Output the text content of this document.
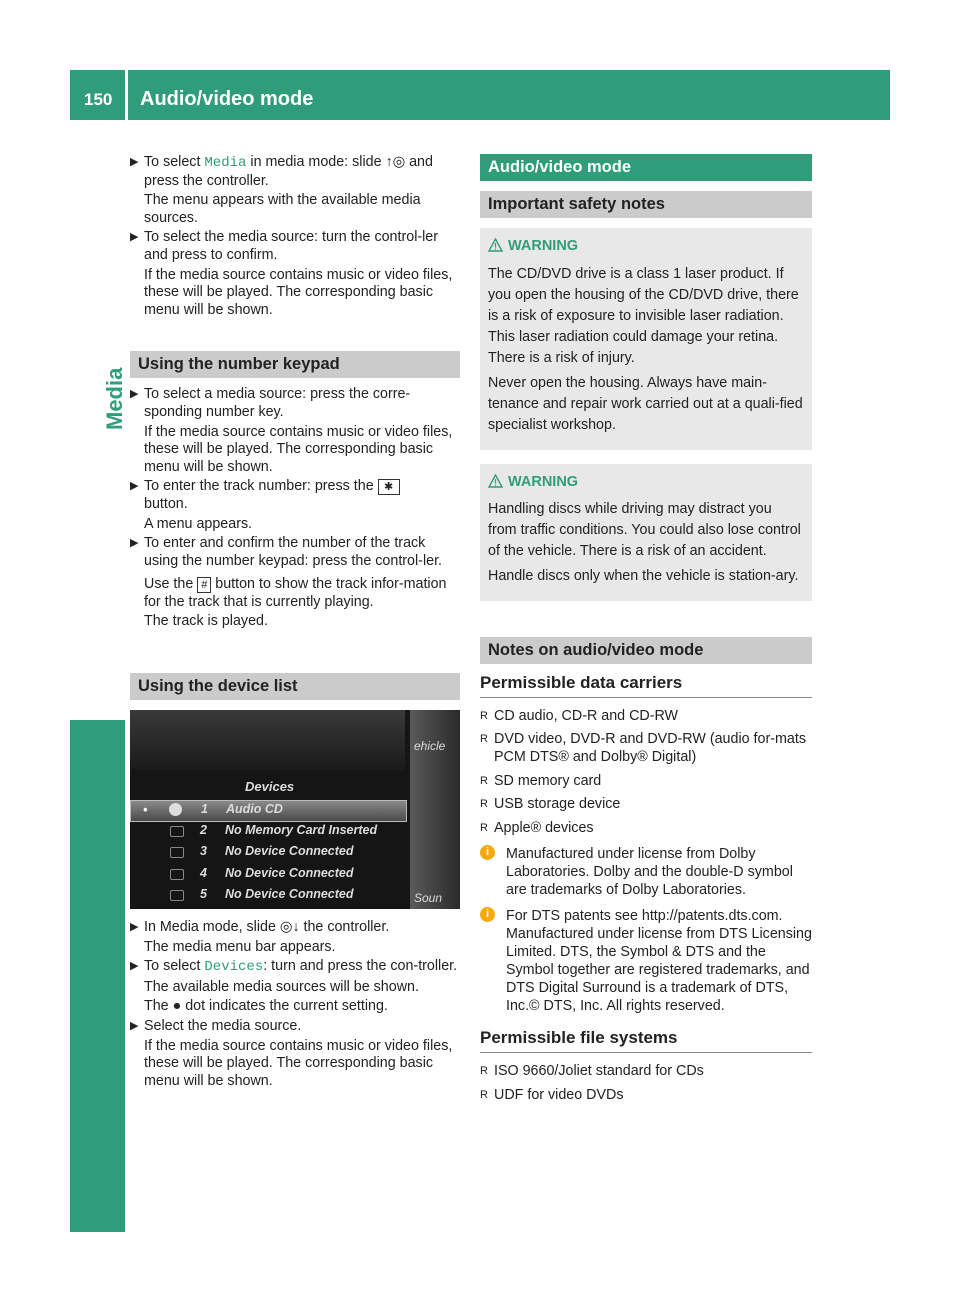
150 Audio/video mode
Media
▶ To select Media in media mode: slide ↑◎ and press the controller.
The menu appears with the available media sources.
▶ To select the media source: turn the control-ler and press to confirm.
If the media source contains music or video files, these will be played. The corresponding basic menu will be shown.
Using the number keypad
▶ To select a media source: press the corre-sponding number key.
If the media source contains music or video files, these will be played. The corresponding basic menu will be shown.
▶ To enter the track number: press the ✱
button.
A menu appears.
▶ To enter and confirm the number of the track using the number keypad: press the control-ler.
Use the # button to show the track infor-mation for the track that is currently playing.
The track is played.
Using the device list
ehicle
Soun
Devices
•	1 Audio CD
2 No Memory Card Inserted
3 No Device Connected
4 No Device Connected
5 No Device Connected
▶ In Media mode, slide ◎↓ the controller.
The media menu bar appears.
▶ To select Devices: turn and press the con-troller.
The available media sources will be shown.
The ● dot indicates the current setting.
▶ Select the media source.
If the media source contains music or video files, these will be played. The corresponding basic menu will be shown.
Audio/video mode
Important safety notes
WARNING

The CD/DVD drive is a class 1 laser product. If you open the housing of the CD/DVD drive, there is a risk of exposure to invisible laser radiation. This laser radiation could damage your retina. There is a risk of injury.

Never open the housing. Always have main-tenance and repair work carried out at a quali-fied specialist workshop.

WARNING

Handling discs while driving may distract you from traffic conditions. You could also lose control of the vehicle. There is a risk of an accident.

Handle discs only when the vehicle is station-ary.

Notes on audio/video mode
Permissible data carriers
R CD audio, CD-R and CD-RW
R DVD video, DVD-R and DVD-RW (audio for-mats PCM DTS® and Dolby® Digital)
R SD memory card
R USB storage device
R Apple® devices
i	Manufactured under license from Dolby Laboratories. Dolby and the double-D symbol are trademarks of Dolby Laboratories.
i	For DTS patents see http://patents.dts.com. Manufactured under license from DTS Licensing Limited. DTS, the Symbol & DTS and the Symbol together are registered trademarks, and DTS Digital Surround is a trademark of DTS, Inc.© DTS, Inc. All rights reserved.
Permissible file systems
R ISO 9660/Joliet standard for CDs
R UDF for video DVDs
